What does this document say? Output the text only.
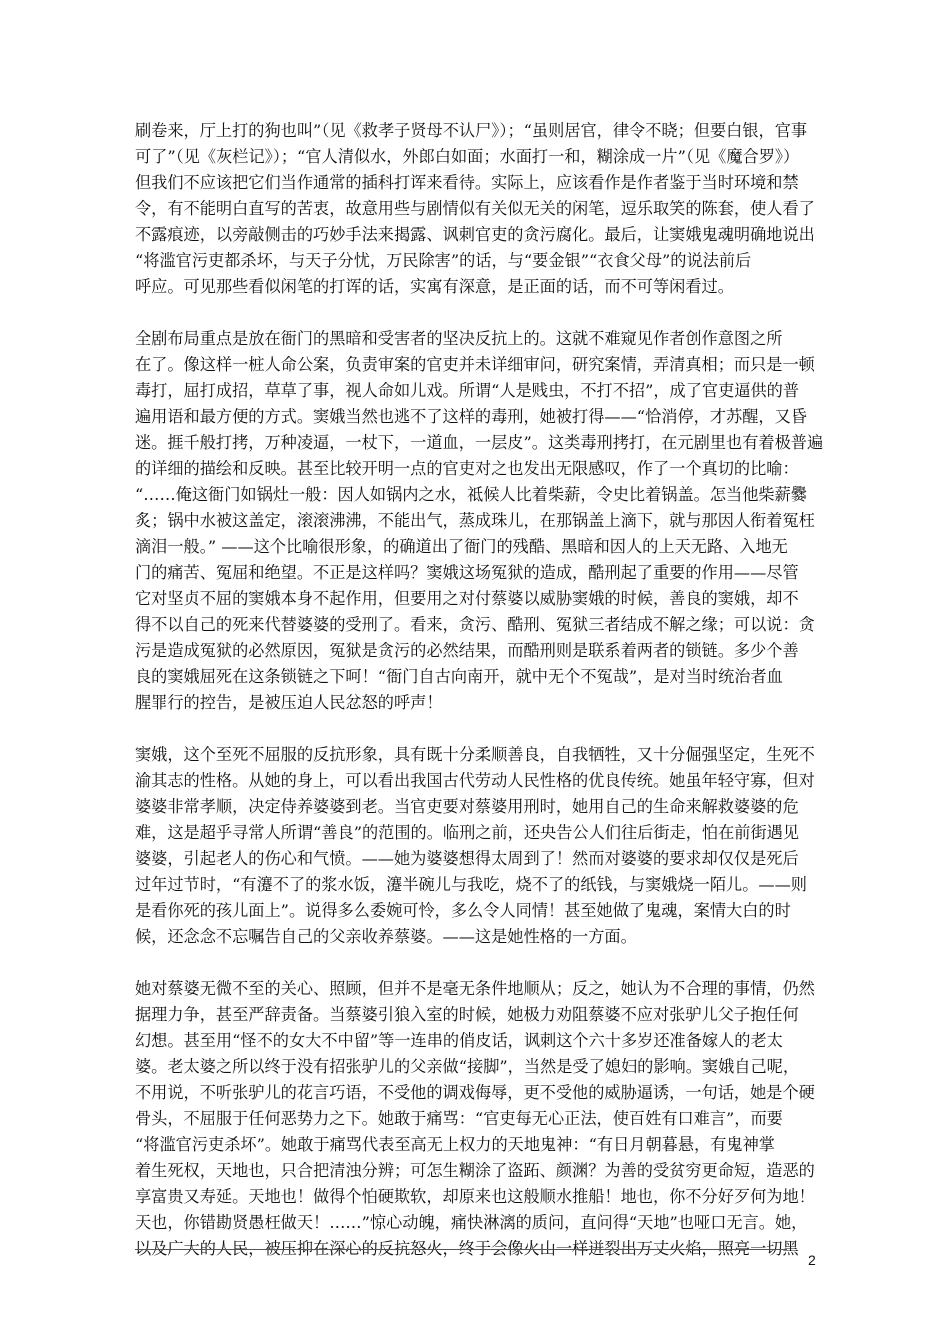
刷卷来，厅上打的狗也叫”（见《救孝子贤母不认尸》）；“虽则居官，律令不晓；但要白银，官事
可了”（见《灰栏记》）；“官人清似水，外郎白如面；水面打一和，糊涂成一片”（见《魔合罗》）
但我们不应该把它们当作通常的插科打诨来看待。实际上，应该看作是作者鉴于当时环境和禁
令，有不能明白直写的苦衷，故意用些与剧情似有关似无关的闲笔，逗乐取笑的陈套，使人看了
不露痕迹，以旁敲侧击的巧妙手法来揭露、讽刺官吏的贪污腐化。最后，让窦娥鬼魂明确地说出
“将滥官污吏都杀坏，与天子分忧，万民除害”的话，与“要金银”“衣食父母”的说法前后
呼应。可见那些看似闲笔的打诨的话，实寓有深意，是正面的话，而不可等闲看过。

全剧布局重点是放在衙门的黑暗和受害者的坚决反抗上的。这就不难窥见作者创作意图之所
在了。像这样一桩人命公案，负责审案的官吏并未详细审问，研究案情，弄清真相；而只是一顿
毒打，屈打成招，草草了事，视人命如儿戏。所谓“人是贱虫，不打不招”，成了官吏逼供的普
遍用语和最方便的方式。窦娥当然也逃不了这样的毒刑，她被打得——“恰消停，才苏醒，又昏
迷。捱千般打拷，万种凌逼，一杖下，一道血，一层皮”。这类毒刑拷打，在元剧里也有着极普遍
的详细的描绘和反映。甚至比较开明一点的官吏对之也发出无限感叹，作了一个真切的比喻：
“……俺这衙门如锅灶一般：因人如锅内之水，祗候人比着柴薪，令史比着锅盖。怎当他柴薪爨
炙；锅中水被这盖定，滚滚沸沸，不能出气，蒸成珠儿，在那锅盖上滴下，就与那因人衔着冤枉
滴泪一般。” ——这个比喻很形象，的确道出了衙门的残酷、黑暗和因人的上天无路、入地无
门的痛苦、冤屈和绝望。不正是这样吗？窦娥这场冤狱的造成，酷刑起了重要的作用——尽管
它对坚贞不屈的窦娥本身不起作用，但要用之对付蔡婆以威胁窦娥的时候，善良的窦娥，却不
得不以自己的死来代替婆婆的受刑了。看来，贪污、酷刑、冤狱三者结成不解之缘；可以说：贪
污是造成冤狱的必然原因，冤狱是贪污的必然结果，而酷刑则是联系着两者的锁链。多少个善
良的窦娥屈死在这条锁链之下呵！“衙门自古向南开，就中无个不冤哉”，是对当时统治者血
腥罪行的控告，是被压迫人民忿怒的呼声！

窦娥，这个至死不屈服的反抗形象，具有既十分柔顺善良，自我牺牲，又十分倔强坚定，生死不
渝其志的性格。从她的身上，可以看出我国古代劳动人民性格的优良传统。她虽年轻守寡，但对
婆婆非常孝顺，决定侍养婆婆到老。当官吏要对蔡婆用刑时，她用自己的生命来解救婆婆的危
难，这是超乎寻常人所谓“善良”的范围的。临刑之前，还央告公人们往后街走，怕在前街遇见
婆婆，引起老人的伤心和气愤。——她为婆婆想得太周到了！然而对婆婆的要求却仅仅是死后
过年过节时，“有瀽不了的浆水饭，瀽半碗儿与我吃，烧不了的纸钱，与窦娥烧一陌儿。——则
是看你死的孩儿面上”。说得多么委婉可怜，多么令人同情！甚至她做了鬼魂，案情大白的时
候，还念念不忘嘱告自己的父亲收养蔡婆。——这是她性格的一方面。

她对蔡婆无微不至的关心、照顾，但并不是毫无条件地顺从；反之，她认为不合理的事情，仍然
据理力争，甚至严辞责备。当蔡婆引狼入室的时候，她极力劝阻蔡婆不应对张驴儿父子抱任何
幻想。甚至用“怪不的女大不中留”等一连串的俏皮话，讽刺这个六十多岁还准备嫁人的老太
婆。老太婆之所以终于没有招张驴儿的父亲做“接脚”，当然是受了媳妇的影响。窦娥自己呢，
不用说，不听张驴儿的花言巧语，不受他的调戏侮辱，更不受他的威胁逼诱，一句话，她是个硬
骨头，不屈服于任何恶势力之下。她敢于痛骂：“官吏每无心正法，使百姓有口难言”，而要
“将滥官污吏杀坏”。她敢于痛骂代表至高无上权力的天地鬼神：“有日月朝暮悬，有鬼神掌
着生死权，天地也，只合把清浊分辨；可怎生糊涂了盗跖、颜渊？为善的受贫穷更命短，造恶的
享富贵又寿延。天地也！做得个怕硬欺软，却原来也这般顺水推船！地也，你不分好歹何为地！
天也，你错勘贤愚枉做天！……”惊心动魄，痛快淋漓的质问，直问得“天地”也哑口无言。她，
以及广大的人民，被压抑在深心的反抗怒火，终于会像火山一样迸裂出万丈火焰，照亮一切黑

2
